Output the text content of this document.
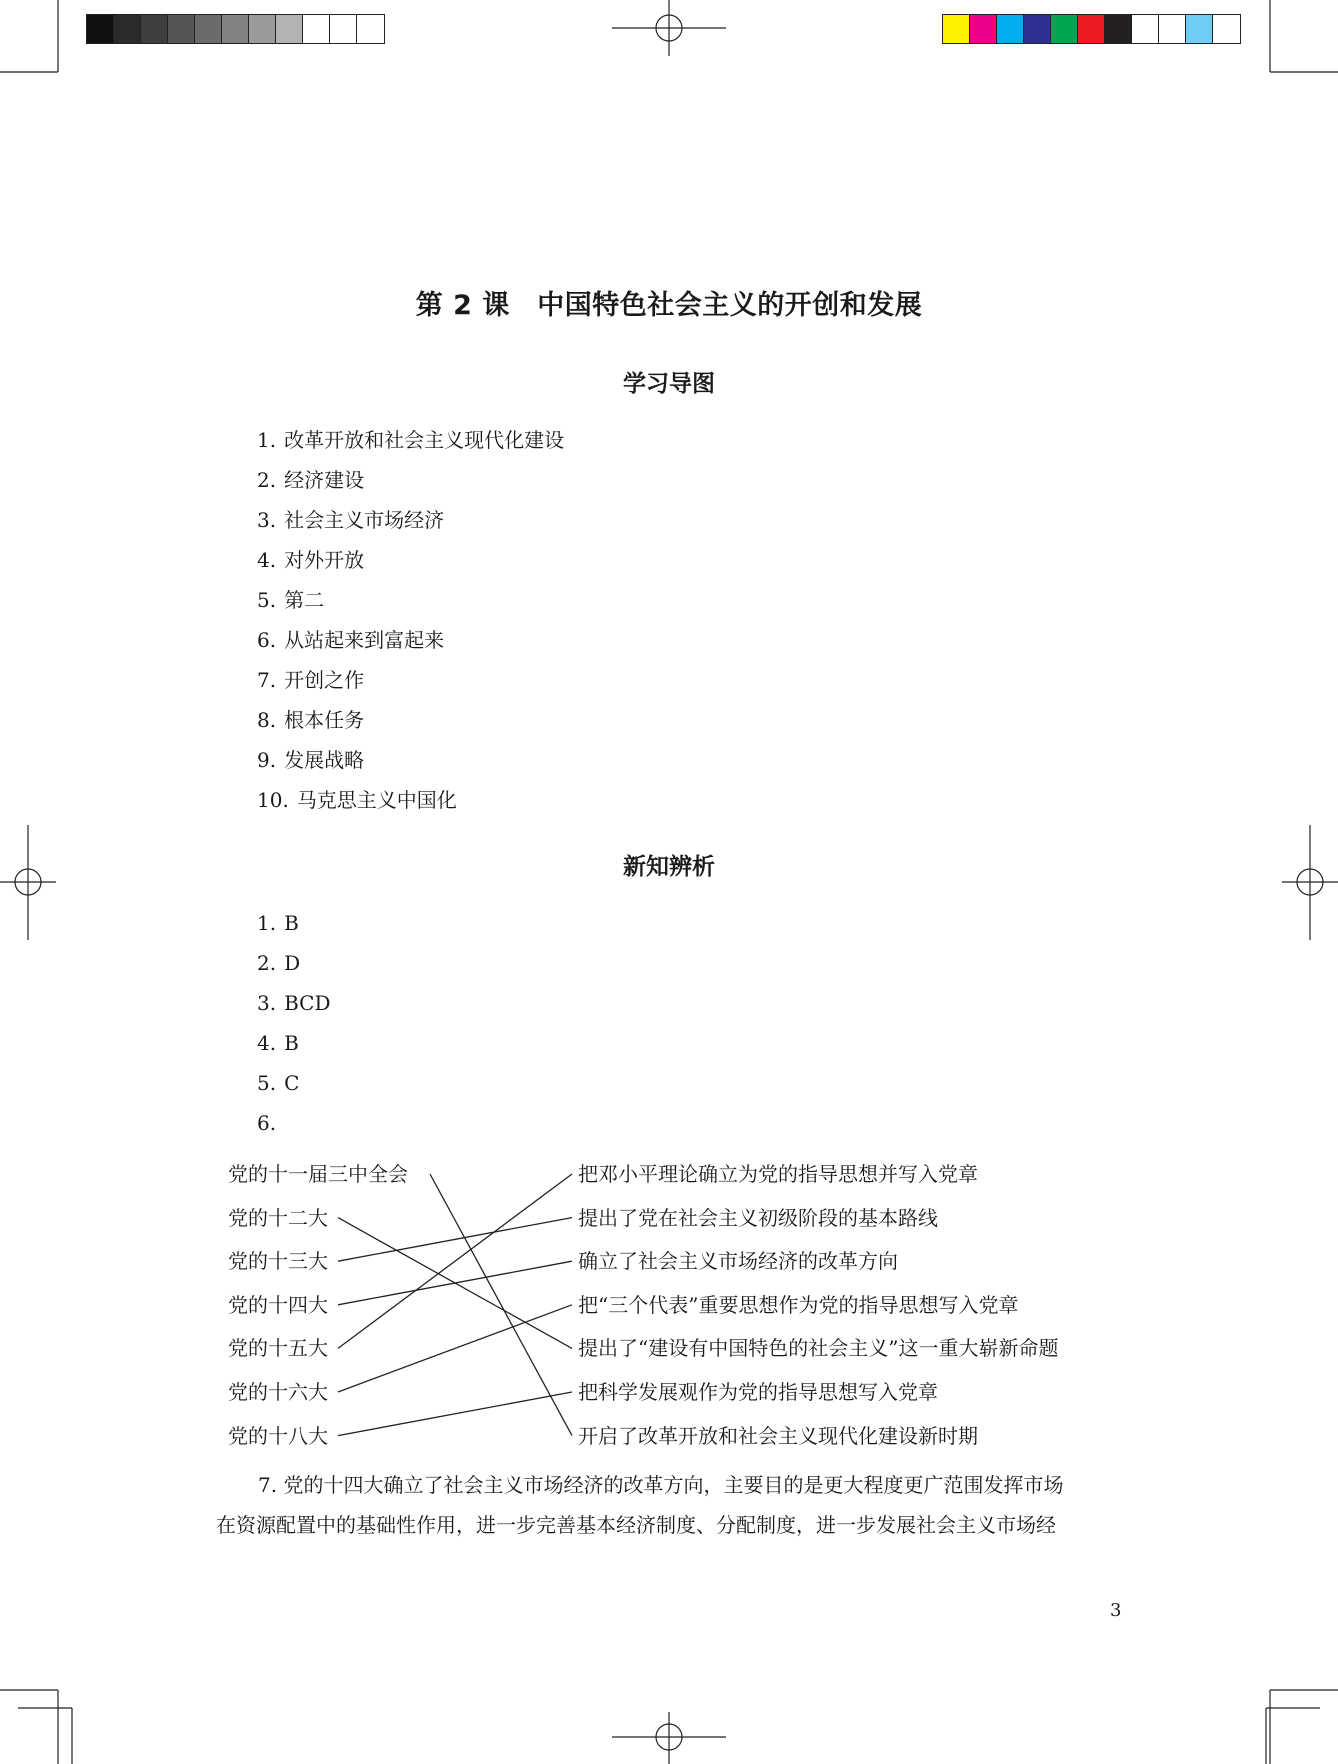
第 2 课　中国特色社会主义的开创和发展
学习导图
1. 改革开放和社会主义现代化建设
2. 经济建设
3. 社会主义市场经济
4. 对外开放
5. 第二
6. 从站起来到富起来
7. 开创之作
8. 根本任务
9. 发展战略
10. 马克思主义中国化
新知辨析
1. B
2. D
3. BCD
4. B
5. C
6.
党的十一届三中全会
党的十二大
党的十三大
党的十四大
党的十五大
党的十六大
党的十八大
把邓小平理论确立为党的指导思想并写入党章
提出了党在社会主义初级阶段的基本路线
确立了社会主义市场经济的改革方向
把“三个代表”重要思想作为党的指导思想写入党章
提出了“建设有中国特色的社会主义”这一重大崭新命题
把科学发展观作为党的指导思想写入党章
开启了改革开放和社会主义现代化建设新时期
7. 党的十四大确立了社会主义市场经济的改革方向，主要目的是更大程度更广范围发挥市场
在资源配置中的基础性作用，进一步完善基本经济制度、分配制度，进一步发展社会主义市场经
3
